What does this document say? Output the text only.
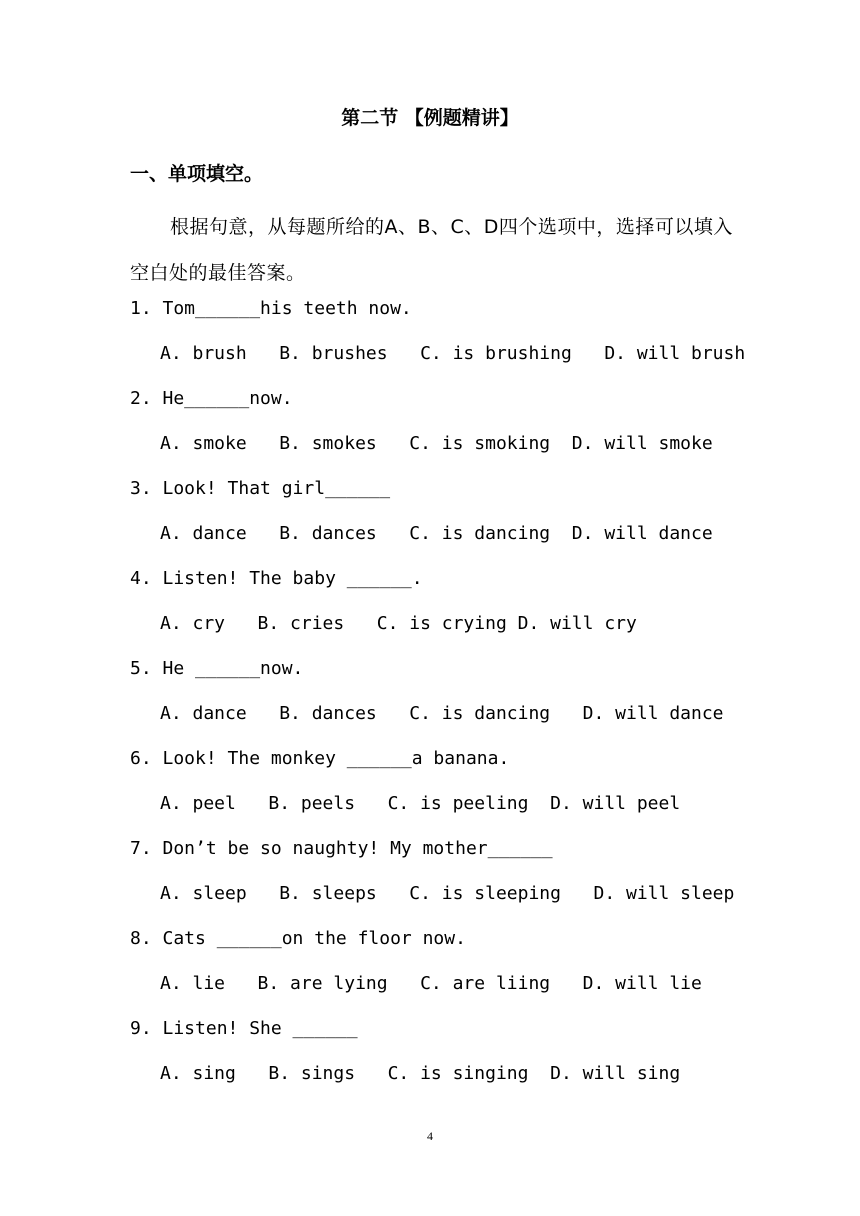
第二节 【例题精讲】
一、单项填空。
根据句意，从每题所给的A、B、C、D四个选项中，选择可以填入空白处的最佳答案。
1. Tom______his teeth now.
A. brush   B. brushes   C. is brushing   D. will brush
2. He______now.
A. smoke   B. smokes   C. is smoking  D. will smoke
3. Look! That girl______
A. dance   B. dances   C. is dancing  D. will dance
4. Listen! The baby ______.
A. cry   B. cries   C. is crying D. will cry
5. He ______now.
A. dance   B. dances   C. is dancing   D. will dance
6. Look! The monkey ______a banana.
A. peel   B. peels   C. is peeling  D. will peel
7. Don’t be so naughty! My mother______
A. sleep   B. sleeps   C. is sleeping   D. will sleep
8. Cats ______on the floor now.
A. lie   B. are lying   C. are liing   D. will lie
9. Listen! She ______
A. sing   B. sings   C. is singing  D. will sing
4
